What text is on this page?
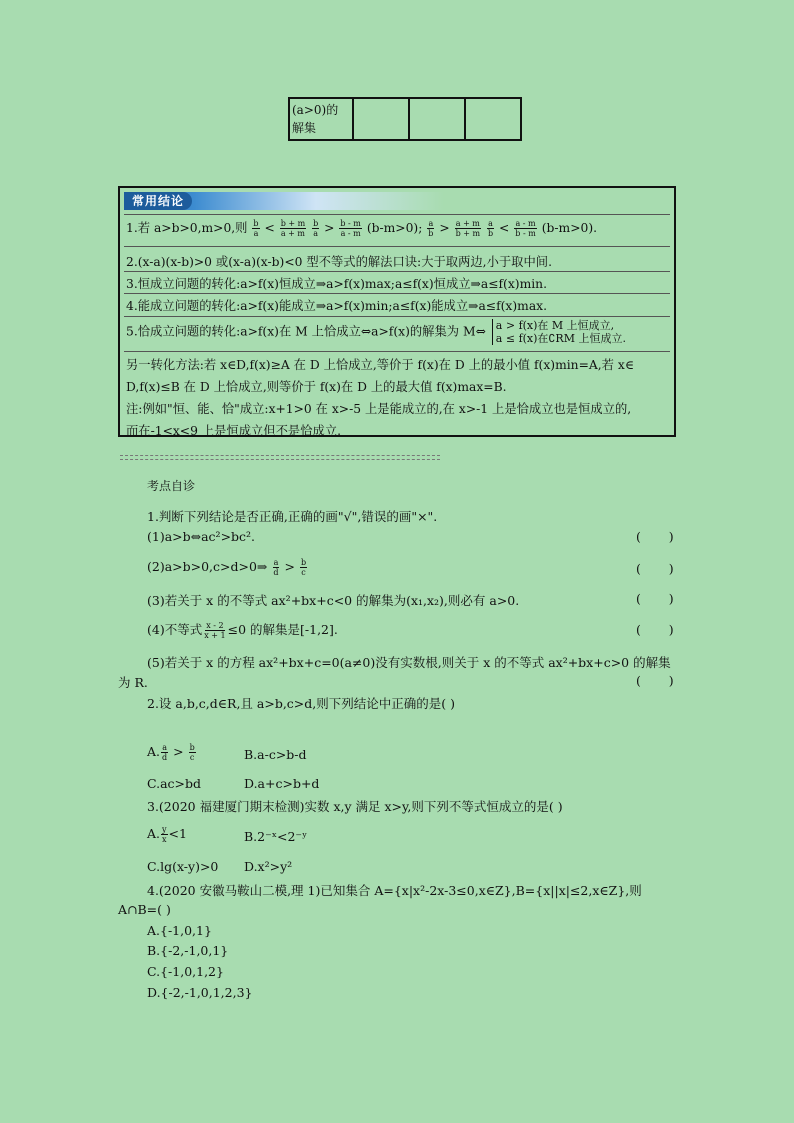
(a>0)的
解集

常用结论
1.若 a>b>0,m>0,则 $\frac{b}{a} < \frac{b + m}{a + m}$
$\frac{b}{a} > \frac{b - m}{a - m} (b-m>0)$; $\frac{a}{b} > \frac{a + m}{b + m}$
$\frac{a}{b} < \frac{a - m}{b - m} (b-m>0)$.
2.(x-a)(x-b)>0 或(x-a)(x-b)<0 型不等式的解法口诀:大于取两边,小于取中间.
3.恒成立问题的转化:a>f(x)恒成立⇒a>f(x)max;a≤f(x)恒成立⇒a≤f(x)min.
4.能成立问题的转化:a>f(x)能成立⇒a>f(x)min;a≤f(x)能成立⇒a≤f(x)max.
5.恰成立问题的转化:a>f(x)在 M 上恰成立⇔a>f(x)的解集为 M⇔ a > f(x)在 M 上恒成立,
a ≤ f(x)在∁RM 上恒成立.
另一转化方法:若 x∈D,f(x)≥A 在 D 上恰成立,等价于 f(x)在 D 上的最小值 f(x)min=A,若 x∈
D,f(x)≤B 在 D 上恰成立,则等价于 f(x)在 D 上的最大值 f(x)max=B.
注:例如"恒、能、恰"成立:x+1>0 在 x>-5 上是能成立的,在 x>-1 上是恰成立也是恒成立的,
而在-1<x<9 上是恒成立但不是恰成立.
考点自诊
1.判断下列结论是否正确,正确的画"√",错误的画"×".
(1)a>b⇔ac²>bc².	(       )
(2)a>b>0,c>d>0⇒ $\frac{a}{d} > \frac{b}{c}$	(       )
(3)若关于 x 的不等式 ax²+bx+c<0 的解集为(x₁,x₂),则必有 a>0.	(       )
(4)不等式 $\frac{x - 2}{x + 1} \le 0$ 的解集是[-1,2].	(       )
(5)若关于 x 的方程 ax²+bx+c=0(a≠0)没有实数根,则关于 x 的不等式 ax²+bx+c>0 的解集
为 R.	(       )
2.设 a,b,c,d∈R,且 a>b,c>d,则下列结论中正确的是( )
A. $\frac{a}{d} > \frac{b}{c}$	B.a-c>b-d
C.ac>bd	D.a+c>b+d
3.(2020 福建厦门期末检测)实数 x,y 满足 x>y,则下列不等式恒成立的是( )
A. $\frac{y}{x} <1$	B.2⁻ˣ<2⁻ʸ
C.lg(x-y)>0 D.x²>y²
4.(2020 安徽马鞍山二模,理 1)已知集合 A={x|x²-2x-3≤0,x∈Z},B={x||x|≤2,x∈Z},则
A∩B=( )
A.{-1,0,1}
B.{-2,-1,0,1}
C.{-1,0,1,2}
D.{-2,-1,0,1,2,3}
